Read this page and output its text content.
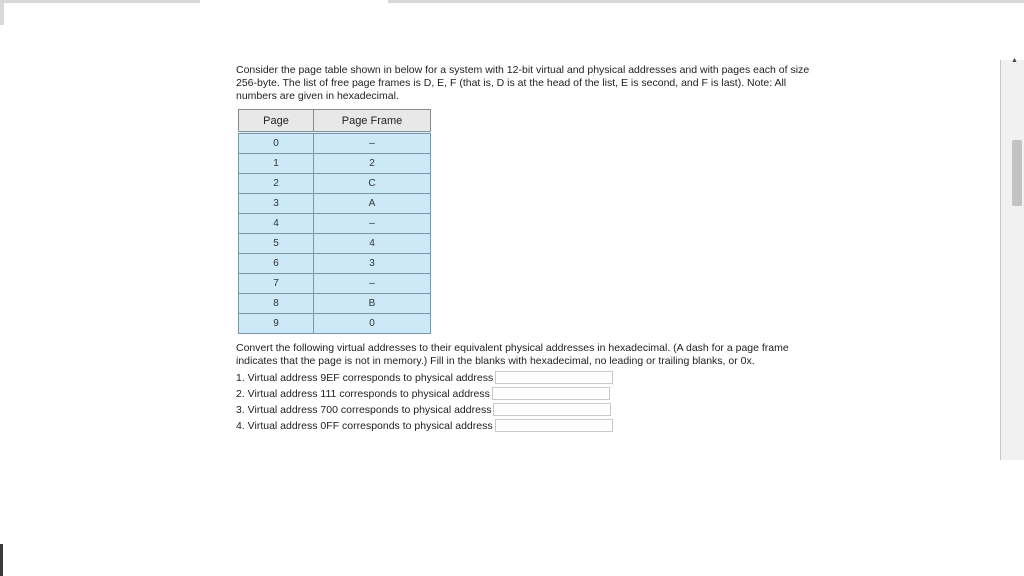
Consider the page table shown in below for a system with 12-bit virtual and physical addresses and with pages each of size 256-byte. The list of free page frames is D, E, F (that is, D is at the head of the list, E is second, and F is last). Note: All numbers are given in hexadecimal.

Page	Page Frame
0	–
1	2
2	C
3	A
4	–
5	4
6	3
7	–
8	B
9	0

Convert the following virtual addresses to their equivalent physical addresses in hexadecimal. (A dash for a page frame indicates that the page is not in memory.) Fill in the blanks with hexadecimal, no leading or trailing blanks, or 0x.

1. Virtual address 9EF corresponds to physical address
2. Virtual address 111 corresponds to physical address
3. Virtual address 700 corresponds to physical address
4. Virtual address 0FF corresponds to physical address
▲
